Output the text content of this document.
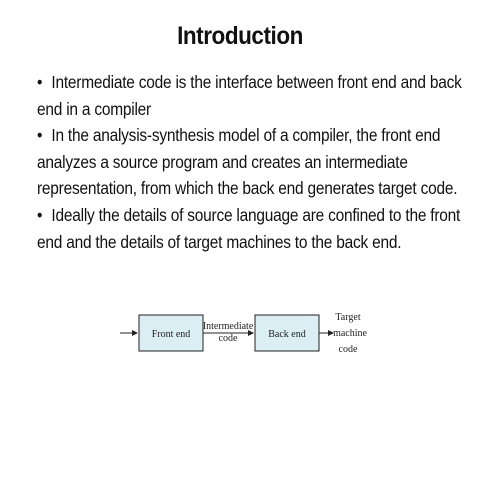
Introduction

• Intermediate code is the interface between front end and back end in a compiler

• In the analysis-synthesis model of a compiler, the front end analyzes a source program and creates an intermediate representation, from which the back end generates target code.

• Ideally the details of source language are confined to the front end and the details of target machines to the back end.

Front end
Intermediate
code	Back end
Target
machine
code
